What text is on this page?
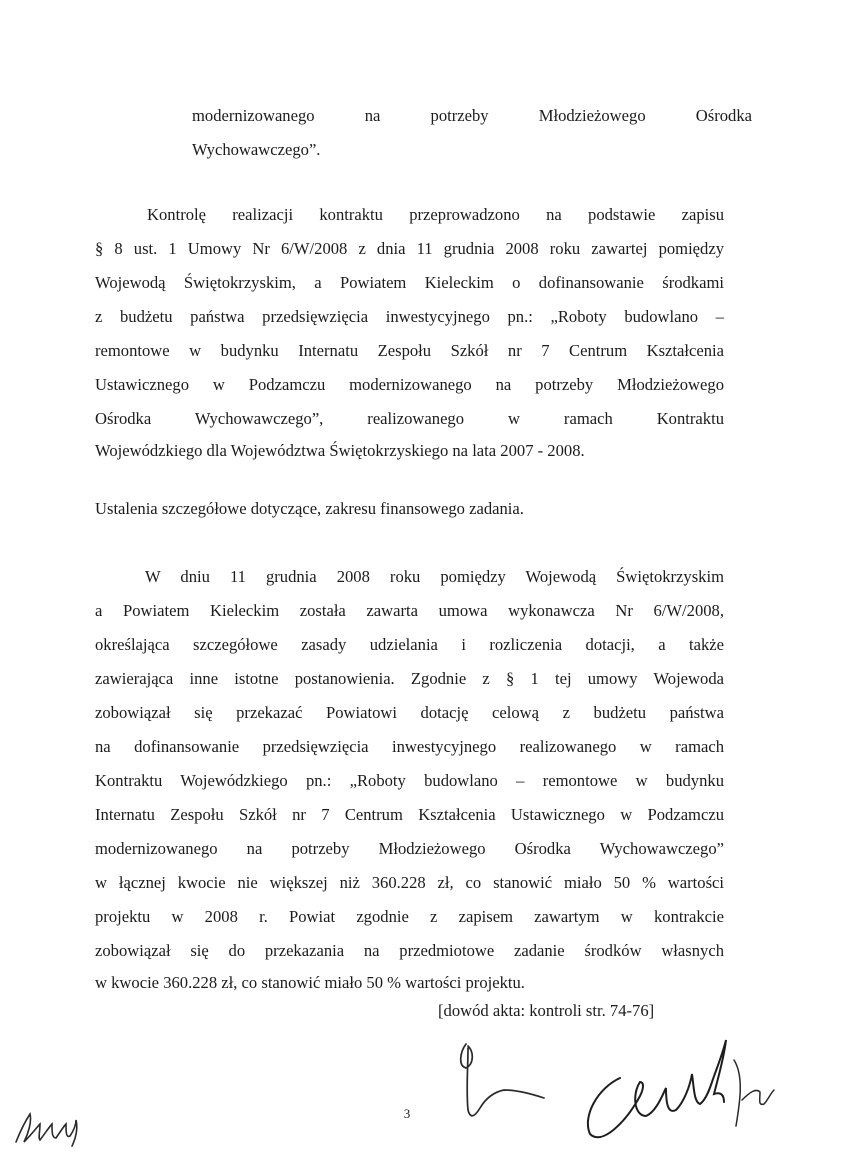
modernizowanego na potrzeby Młodzieżowego Ośrodka

Wychowawczego”.

Kontrolę realizacji kontraktu przeprowadzono na podstawie zapisu

§ 8 ust. 1 Umowy Nr 6/W/2008 z dnia 11 grudnia 2008 roku zawartej pomiędzy

Wojewodą Świętokrzyskim, a Powiatem Kieleckim o dofinansowanie środkami

z budżetu państwa przedsięwzięcia inwestycyjnego pn.: „Roboty budowlano –

remontowe w budynku Internatu Zespołu Szkół nr 7 Centrum Kształcenia

Ustawicznego w Podzamczu modernizowanego na potrzeby Młodzieżowego

Ośrodka Wychowawczego”, realizowanego w ramach Kontraktu

Wojewódzkiego dla Województwa Świętokrzyskiego na lata 2007 - 2008.

Ustalenia szczegółowe dotyczące, zakresu finansowego zadania.

W dniu 11 grudnia 2008 roku pomiędzy Wojewodą Świętokrzyskim

a Powiatem Kieleckim została zawarta umowa wykonawcza Nr 6/W/2008,

określająca szczegółowe zasady udzielania i rozliczenia dotacji, a także

zawierająca inne istotne postanowienia. Zgodnie z § 1 tej umowy Wojewoda

zobowiązał się przekazać Powiatowi dotację celową z budżetu państwa

na dofinansowanie przedsięwzięcia inwestycyjnego realizowanego w ramach

Kontraktu Wojewódzkiego pn.: „Roboty budowlano – remontowe w budynku

Internatu Zespołu Szkół nr 7 Centrum Kształcenia Ustawicznego w Podzamczu

modernizowanego na potrzeby Młodzieżowego Ośrodka Wychowawczego”

w łącznej kwocie nie większej niż 360.228 zł, co stanowić miało 50 % wartości

projektu w 2008 r. Powiat zgodnie z zapisem zawartym w kontrakcie

zobowiązał się do przekazania na przedmiotowe zadanie środków własnych

w kwocie 360.228 zł, co stanowić miało 50 % wartości projektu.

[dowód akta: kontroli str. 74-76]

3
